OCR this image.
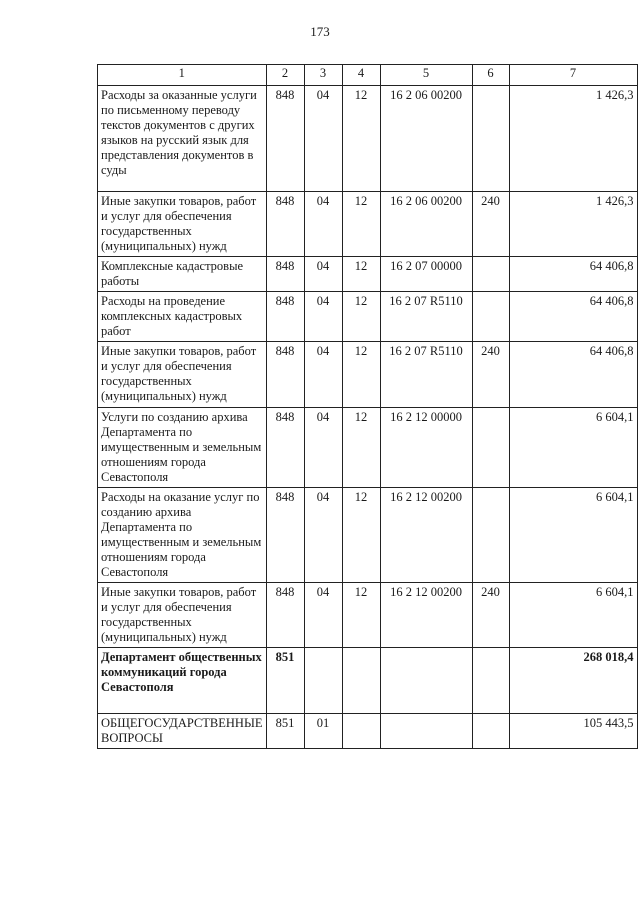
173
1	2	3	4	5	6	7
Расходы за оказанные услуги по письменному переводу текстов документов с других языков на русский язык для представления документов в суды	848	04	12	16 2 06 00200		1 426,3
Иные закупки товаров, работ и услуг для обеспечения государственных (муниципальных) нужд	848	04	12	16 2 06 00200	240	1 426,3
Комплексные кадастровые работы	848	04	12	16 2 07 00000		64 406,8
Расходы на проведение комплексных кадастровых работ	848	04	12	16 2 07 R5110		64 406,8
Иные закупки товаров, работ и услуг для обеспечения государственных (муниципальных) нужд	848	04	12	16 2 07 R5110	240	64 406,8
Услуги по созданию архива Департамента по имущественным и земельным отношениям города Севастополя	848	04	12	16 2 12 00000		6 604,1
Расходы на оказание услуг по созданию архива Департамента по имущественным и земельным отношениям города Севастополя	848	04	12	16 2 12 00200		6 604,1
Иные закупки товаров, работ и услуг для обеспечения государственных (муниципальных) нужд	848	04	12	16 2 12 00200	240	6 604,1
Департамент общественных коммуникаций города Севастополя	851					268 018,4
ОБЩЕГОСУДАРСТВЕННЫЕ ВОПРОСЫ	851	01				105 443,5
